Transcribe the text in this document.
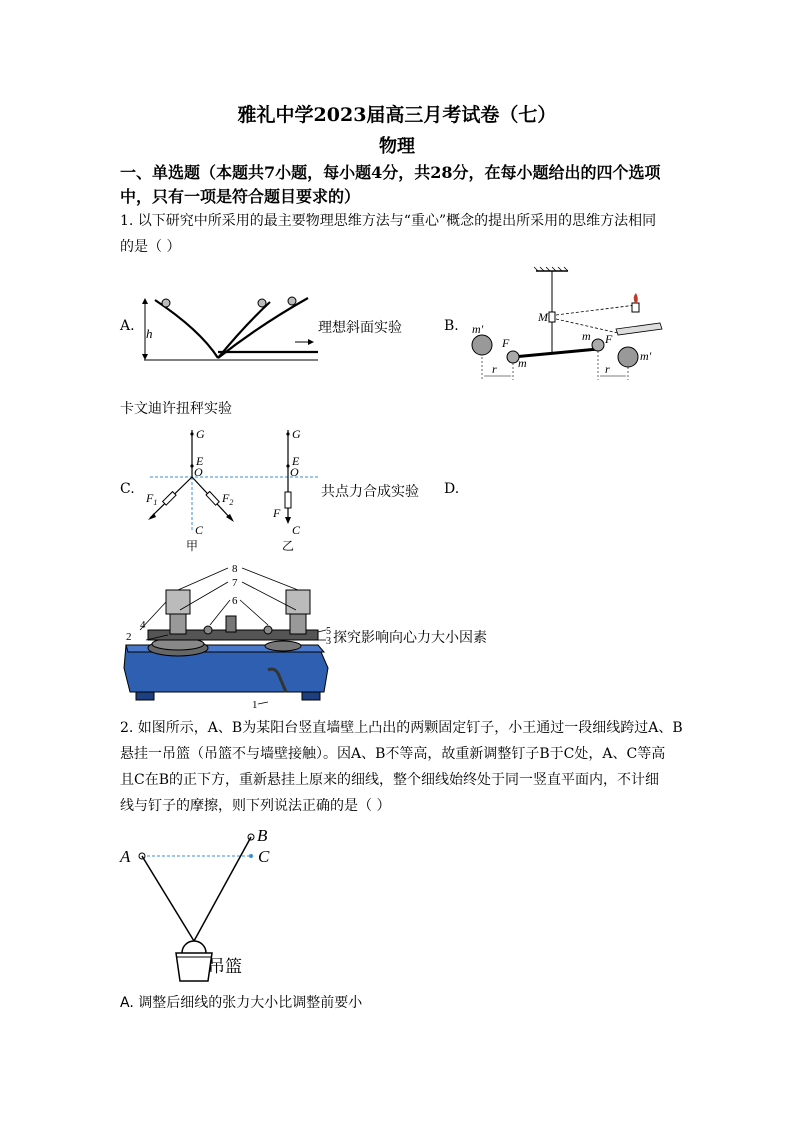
雅礼中学2023届高三月考试卷（七）
物理
一、单选题（本题共7小题，每小题4分，共28分，在每小题给出的四个选项
中，只有一项是符合题目要求的）
1. 以下研究中所采用的最主要物理思维方法与“重心”概念的提出所采用的思维方法相同
的是（ ）
A. h	理想斜面实验	B.
M
m′
m′
F	F
m
m
r	r
卡文迪许扭秤实验
C.
G
E
O
$F_1$	$F_2$
C
甲
G
E
O
F
C
乙
共点力合成实验 D.
8
7
6
4
2	5
3
1
探究影响向心力大小因素
2. 如图所示，A、B为某阳台竖直墙壁上凸出的两颗固定钉子，小王通过一段细线跨过A、B
悬挂一吊篮（吊篮不与墙壁接触）。因A、B不等高，故重新调整钉子B于C处，A、C等高
且C在B的正下方，重新悬挂上原来的细线，整个细线始终处于同一竖直平面内，不计细
线与钉子的摩擦，则下列说法正确的是（ ）
A
B
C
吊篮
A. 调整后细线的张力大小比调整前要小
